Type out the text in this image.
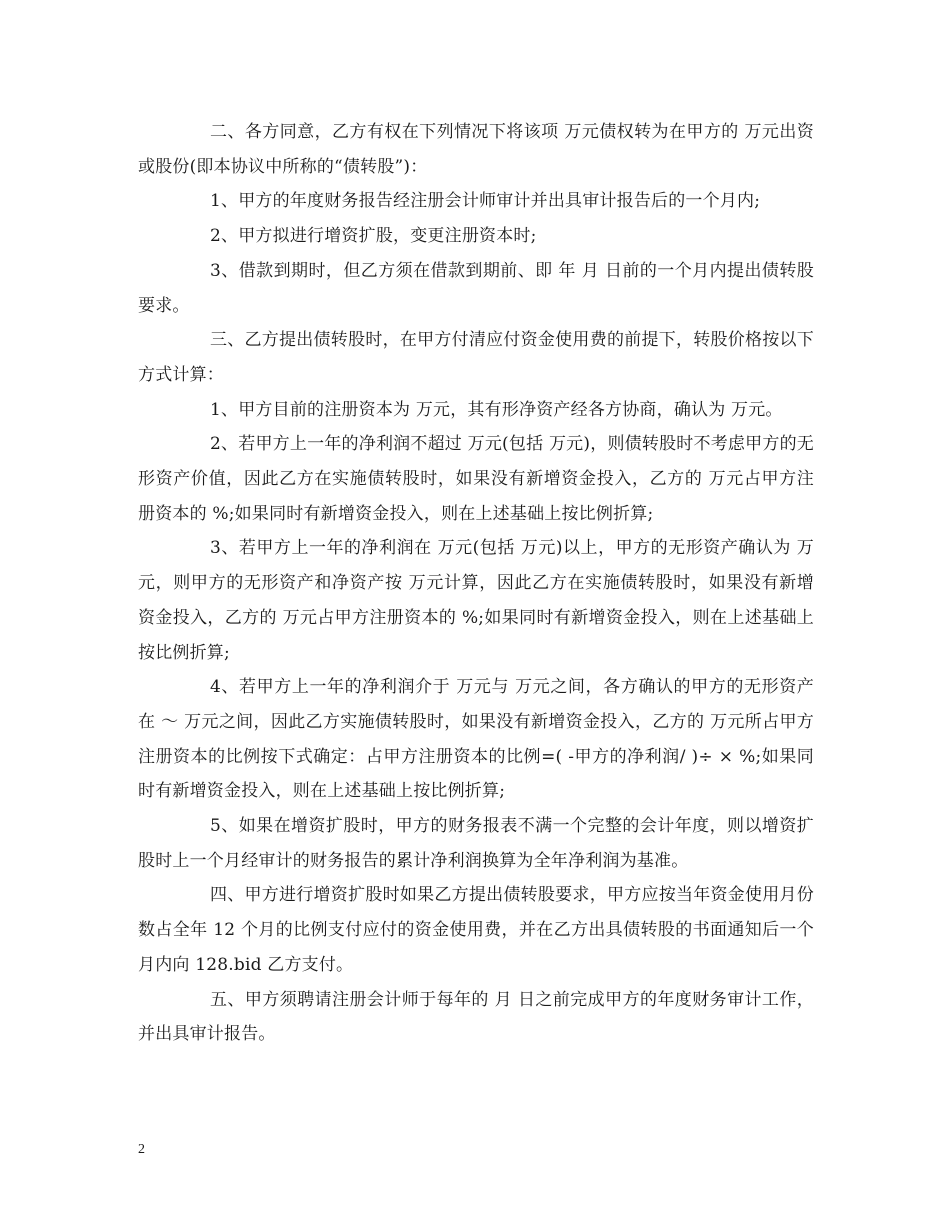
二、各方同意，乙方有权在下列情况下将该项 万元债权转为在甲方的 万元出资或股份(即本协议中所称的“债转股”)：

1、甲方的年度财务报告经注册会计师审计并出具审计报告后的一个月内;

2、甲方拟进行增资扩股，变更注册资本时;

3、借款到期时，但乙方须在借款到期前、即 年 月 日前的一个月内提出债转股要求。

三、乙方提出债转股时，在甲方付清应付资金使用费的前提下，转股价格按以下方式计算：

1、甲方目前的注册资本为 万元，其有形净资产经各方协商，确认为 万元。

2、若甲方上一年的净利润不超过 万元(包括 万元)，则债转股时不考虑甲方的无形资产价值，因此乙方在实施债转股时，如果没有新增资金投入，乙方的 万元占甲方注册资本的 %;如果同时有新增资金投入，则在上述基础上按比例折算;

3、若甲方上一年的净利润在 万元(包括 万元)以上，甲方的无形资产确认为 万元，则甲方的无形资产和净资产按 万元计算，因此乙方在实施债转股时，如果没有新增资金投入，乙方的 万元占甲方注册资本的 %;如果同时有新增资金投入，则在上述基础上按比例折算;

4、若甲方上一年的净利润介于 万元与 万元之间，各方确认的甲方的无形资产在 ～ 万元之间，因此乙方实施债转股时，如果没有新增资金投入，乙方的 万元所占甲方注册资本的比例按下式确定：占甲方注册资本的比例=( -甲方的净利润/ )÷ × %;如果同时有新增资金投入，则在上述基础上按比例折算;

5、如果在增资扩股时，甲方的财务报表不满一个完整的会计年度，则以增资扩股时上一个月经审计的财务报告的累计净利润换算为全年净利润为基准。

四、甲方进行增资扩股时如果乙方提出债转股要求，甲方应按当年资金使用月份数占全年 12 个月的比例支付应付的资金使用费，并在乙方出具债转股的书面通知后一个月内向 128.bid 乙方支付。

五、甲方须聘请注册会计师于每年的 月 日之前完成甲方的年度财务审计工作，并出具审计报告。

2
